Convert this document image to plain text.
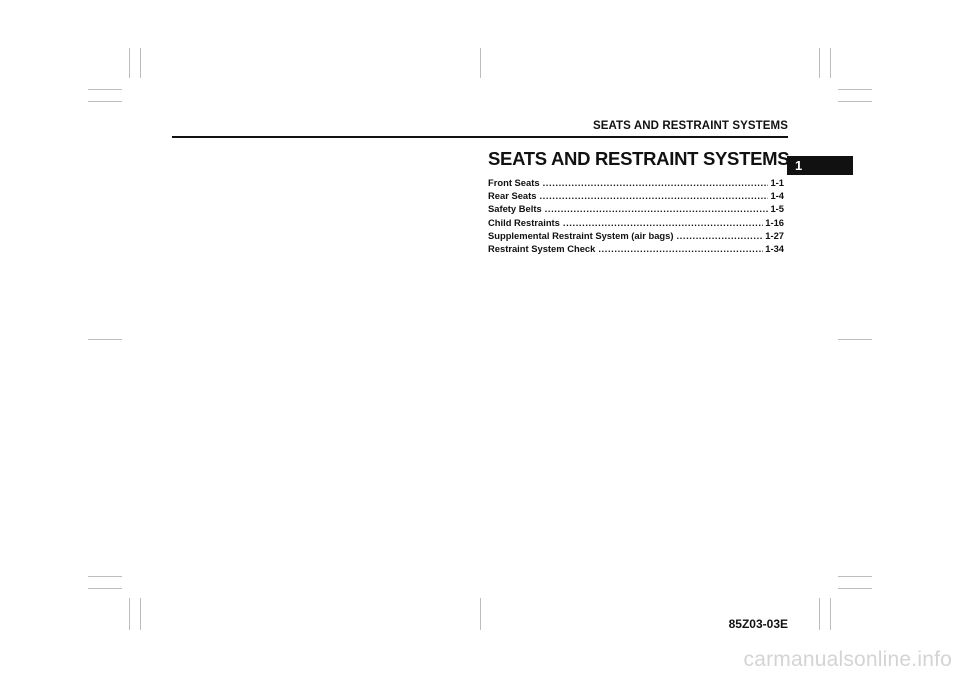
SEATS AND RESTRAINT SYSTEMS
1
SEATS AND RESTRAINT SYSTEMS
Front Seats .....	1-1
Rear Seats .....	1-4
Safety Belts .....	1-5
Child Restraints .....	1-16
Supplemental Restraint System (air bags) .....	1-27
Restraint System Check .....	1-34
85Z03-03E
carmanualsonline.info
